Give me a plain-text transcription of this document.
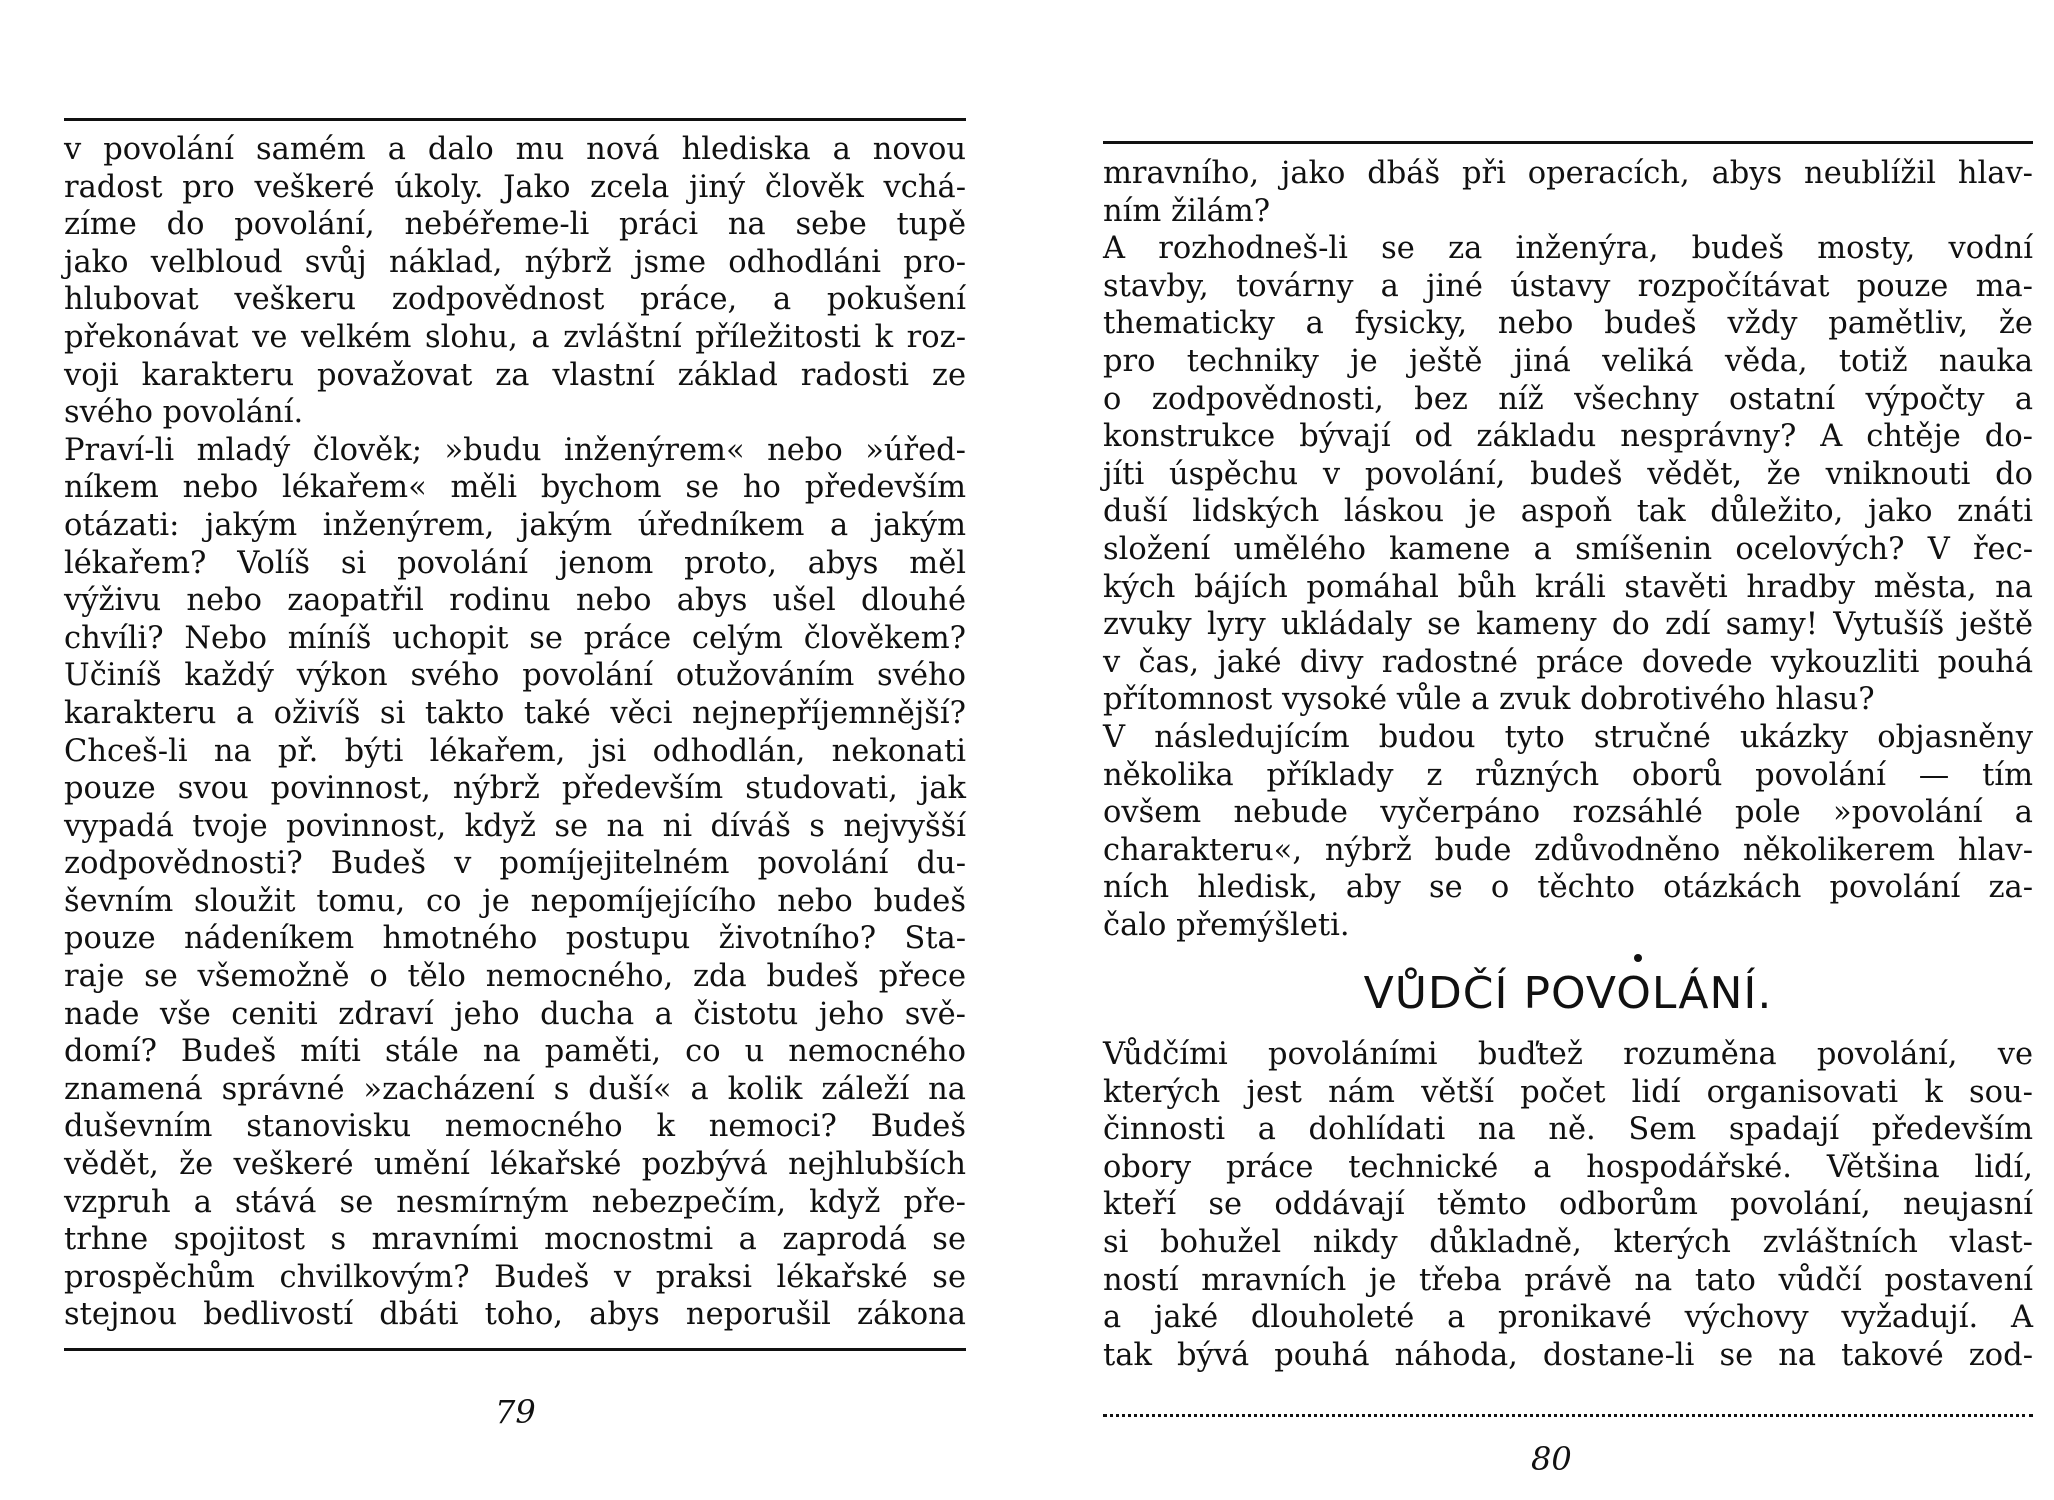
v povolání samém a dalo mu nová hlediska a novou
radost pro veškeré úkoly. Jako zcela jiný člověk vchá-
zíme do povolání, nebéřeme-li práci na sebe tupě
jako velbloud svůj náklad, nýbrž jsme odhodláni pro-
hlubovat veškeru zodpovědnost práce, a pokušení
překonávat ve velkém slohu, a zvláštní příležitosti k roz-
voji karakteru považovat za vlastní základ radosti ze
svého povolání.
Praví-li mladý člověk; »budu inženýrem« nebo »úřed-
níkem nebo lékařem« měli bychom se ho především
otázati: jakým inženýrem, jakým úředníkem a jakým
lékařem? Volíš si povolání jenom proto, abys měl
výživu nebo zaopatřil rodinu nebo abys ušel dlouhé
chvíli? Nebo míníš uchopit se práce celým člověkem?
Učiníš každý výkon svého povolání otužováním svého
karakteru a oživíš si takto také věci nejnepříjemnější?
Chceš-li na př. býti lékařem, jsi odhodlán, nekonati
pouze svou povinnost, nýbrž především studovati, jak
vypadá tvoje povinnost, když se na ni díváš s nejvyšší
zodpovědnosti? Budeš v pomíjejitelném povolání du-
ševním sloužit tomu, co je nepomíjejícího nebo budeš
pouze nádeníkem hmotného postupu životního? Sta-
raje se všemožně o tělo nemocného, zda budeš přece
nade vše ceniti zdraví jeho ducha a čistotu jeho svě-
domí? Budeš míti stále na paměti, co u nemocného
znamená správné »zacházení s duší« a kolik záleží na
duševním stanovisku nemocného k nemoci? Budeš
vědět, že veškeré umění lékařské pozbývá nejhlubších
vzpruh a stává se nesmírným nebezpečím, když pře-
trhne spojitost s mravními mocnostmi a zaprodá se
prospěchům chvilkovým? Budeš v praksi lékařské se
stejnou bedlivostí dbáti toho, abys neporušil zákona
79
mravního, jako dbáš při operacích, abys neublížil hlav-
ním žilám?
A rozhodneš-li se za inženýra, budeš mosty, vodní
stavby, továrny a jiné ústavy rozpočítávat pouze ma-
thematicky a fysicky, nebo budeš vždy pamětliv, že
pro techniky je ještě jiná veliká věda, totiž nauka
o zodpovědnosti, bez níž všechny ostatní výpočty a
konstrukce bývají od základu nesprávny? A chtěje do-
jíti úspěchu v povolání, budeš vědět, že vniknouti do
duší lidských láskou je aspoň tak důležito, jako znáti
složení umělého kamene a smíšenin ocelových? V řec-
kých bájích pomáhal bůh králi stavěti hradby města, na
zvuky lyry ukládaly se kameny do zdí samy! Vytušíš ještě
v čas, jaké divy radostné práce dovede vykouzliti pouhá
přítomnost vysoké vůle a zvuk dobrotivého hlasu?
V následujícím budou tyto stručné ukázky objasněny
několika příklady z různých oborů povolání — tím
ovšem nebude vyčerpáno rozsáhlé pole »povolání a
charakteru«, nýbrž bude zdůvodněno několikerem hlav-
ních hledisk, aby se o těchto otázkách povolání za-
čalo přemýšleti.
VŮDČÍ POVOLÁNÍ.
Vůdčími povoláními buďtež rozuměna povolání, ve
kterých jest nám větší počet lidí organisovati k sou-
činnosti a dohlídati na ně. Sem spadají především
obory práce technické a hospodářské. Většina lidí,
kteří se oddávají těmto odborům povolání, neujasní
si bohužel nikdy důkladně, kterých zvláštních vlast-
ností mravních je třeba právě na tato vůdčí postavení
a jaké dlouholeté a pronikavé výchovy vyžadují. A
tak bývá pouhá náhoda, dostane-li se na takové zod-
80
